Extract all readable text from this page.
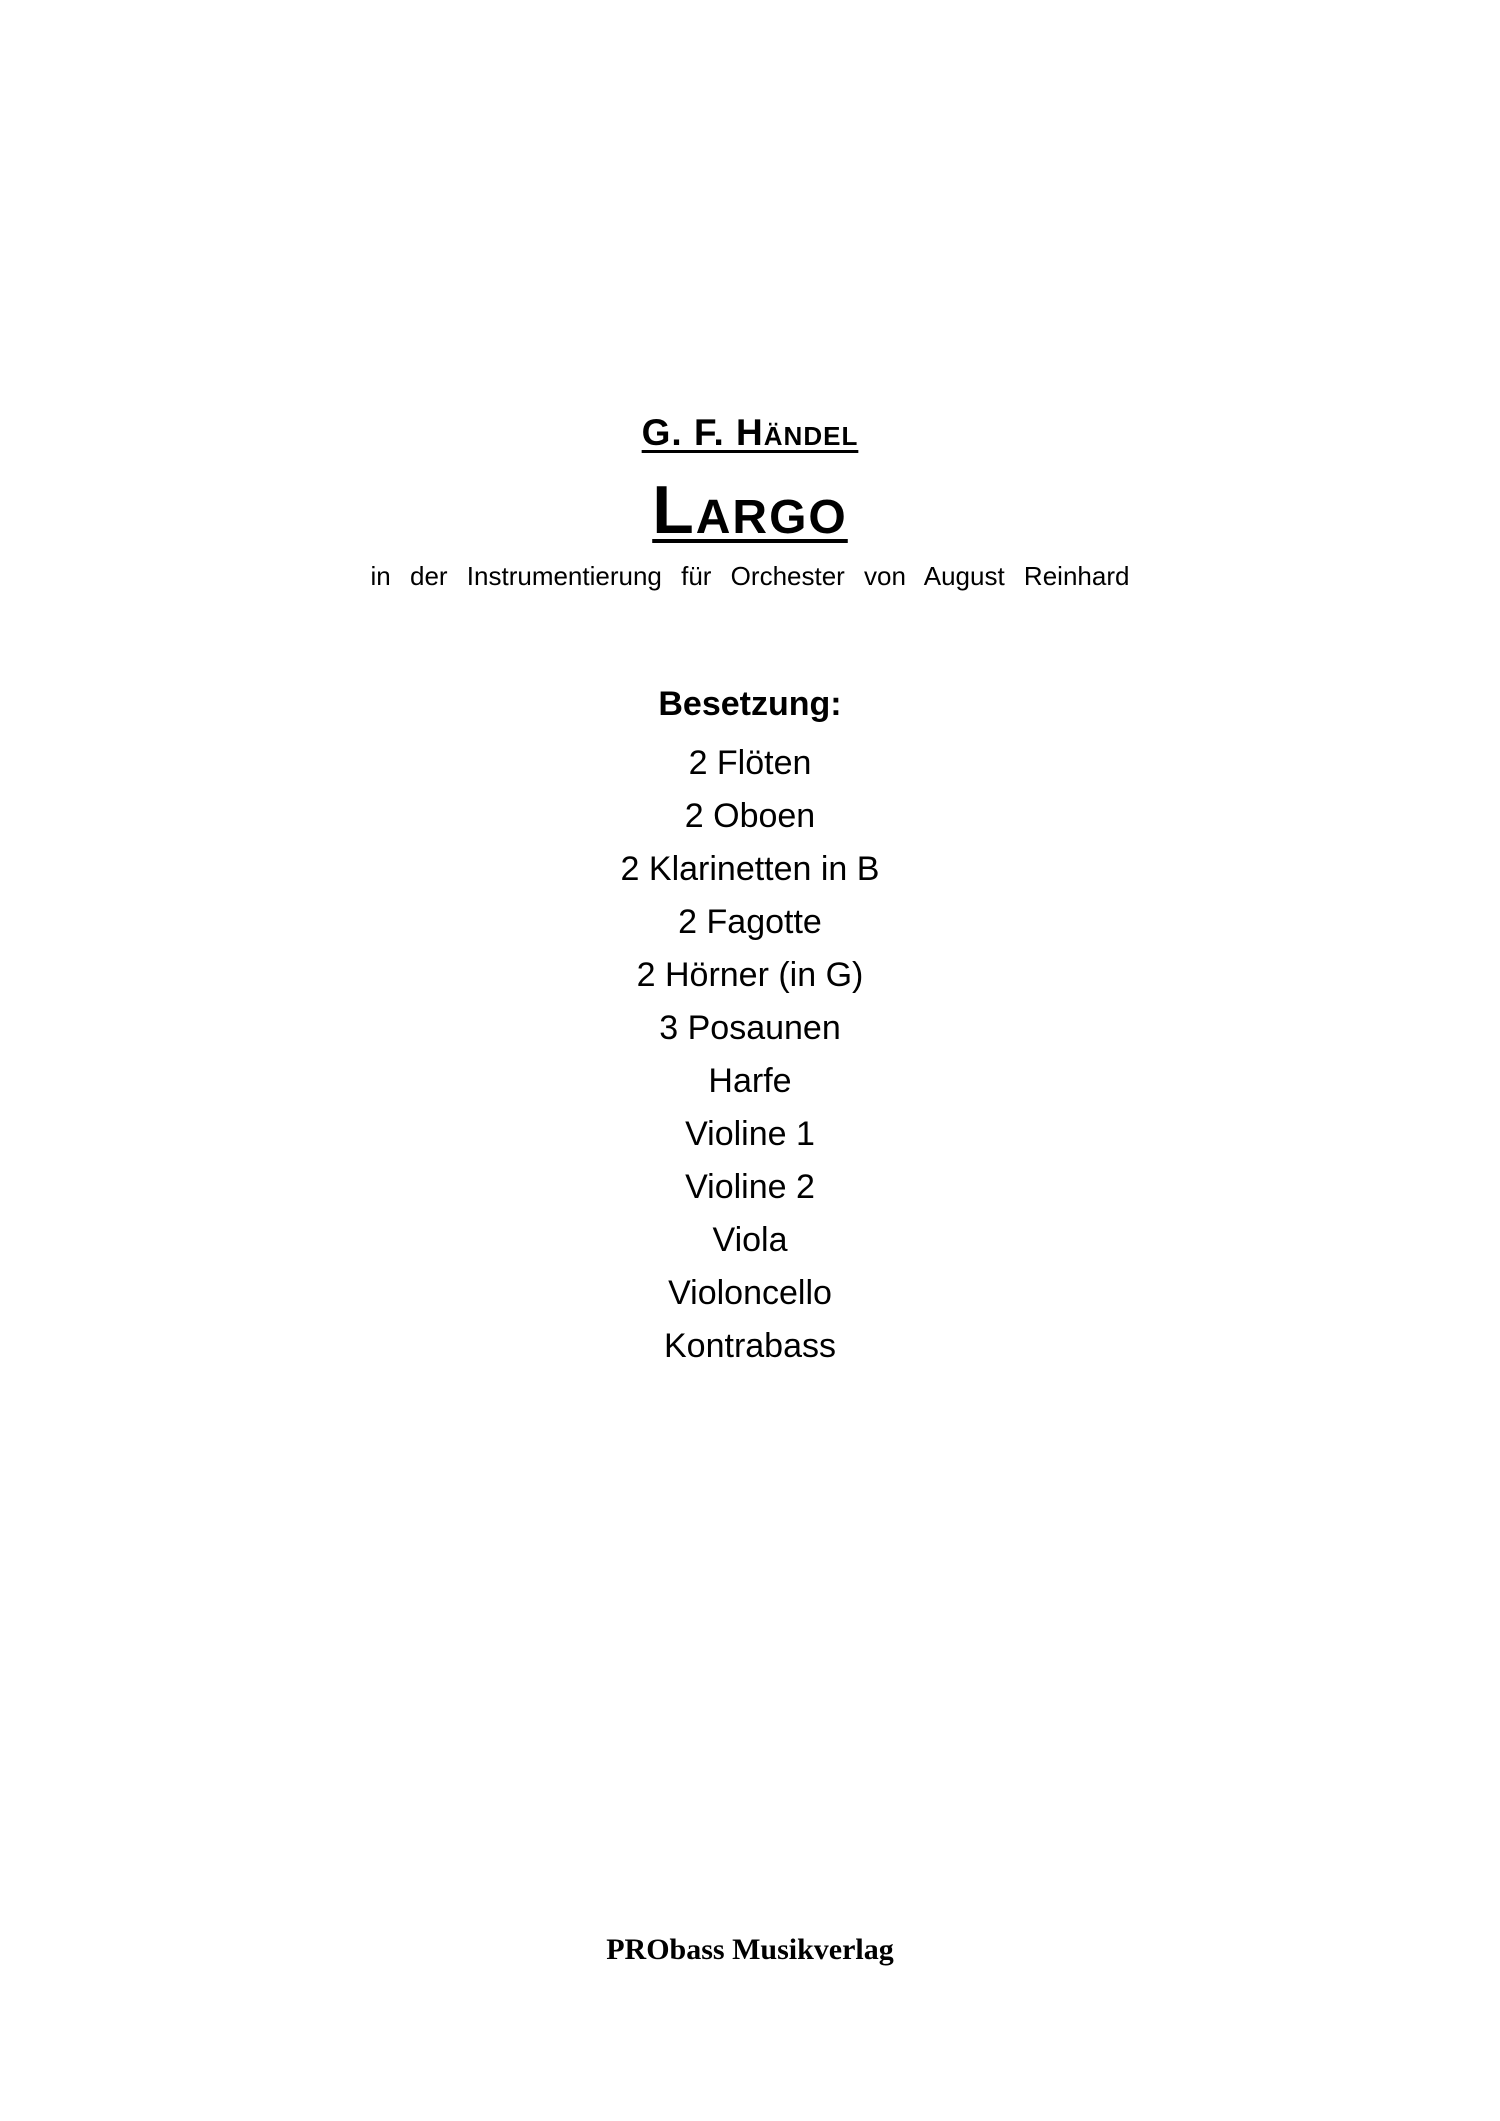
G. F. Händel
Largo
in der Instrumentierung für Orchester von August Reinhard
Besetzung:
2 Flöten
2 Oboen
2 Klarinetten in B
2 Fagotte
2 Hörner (in G)
3 Posaunen
Harfe
Violine 1
Violine 2
Viola
Violoncello
Kontrabass
PRObass Musikverlag
